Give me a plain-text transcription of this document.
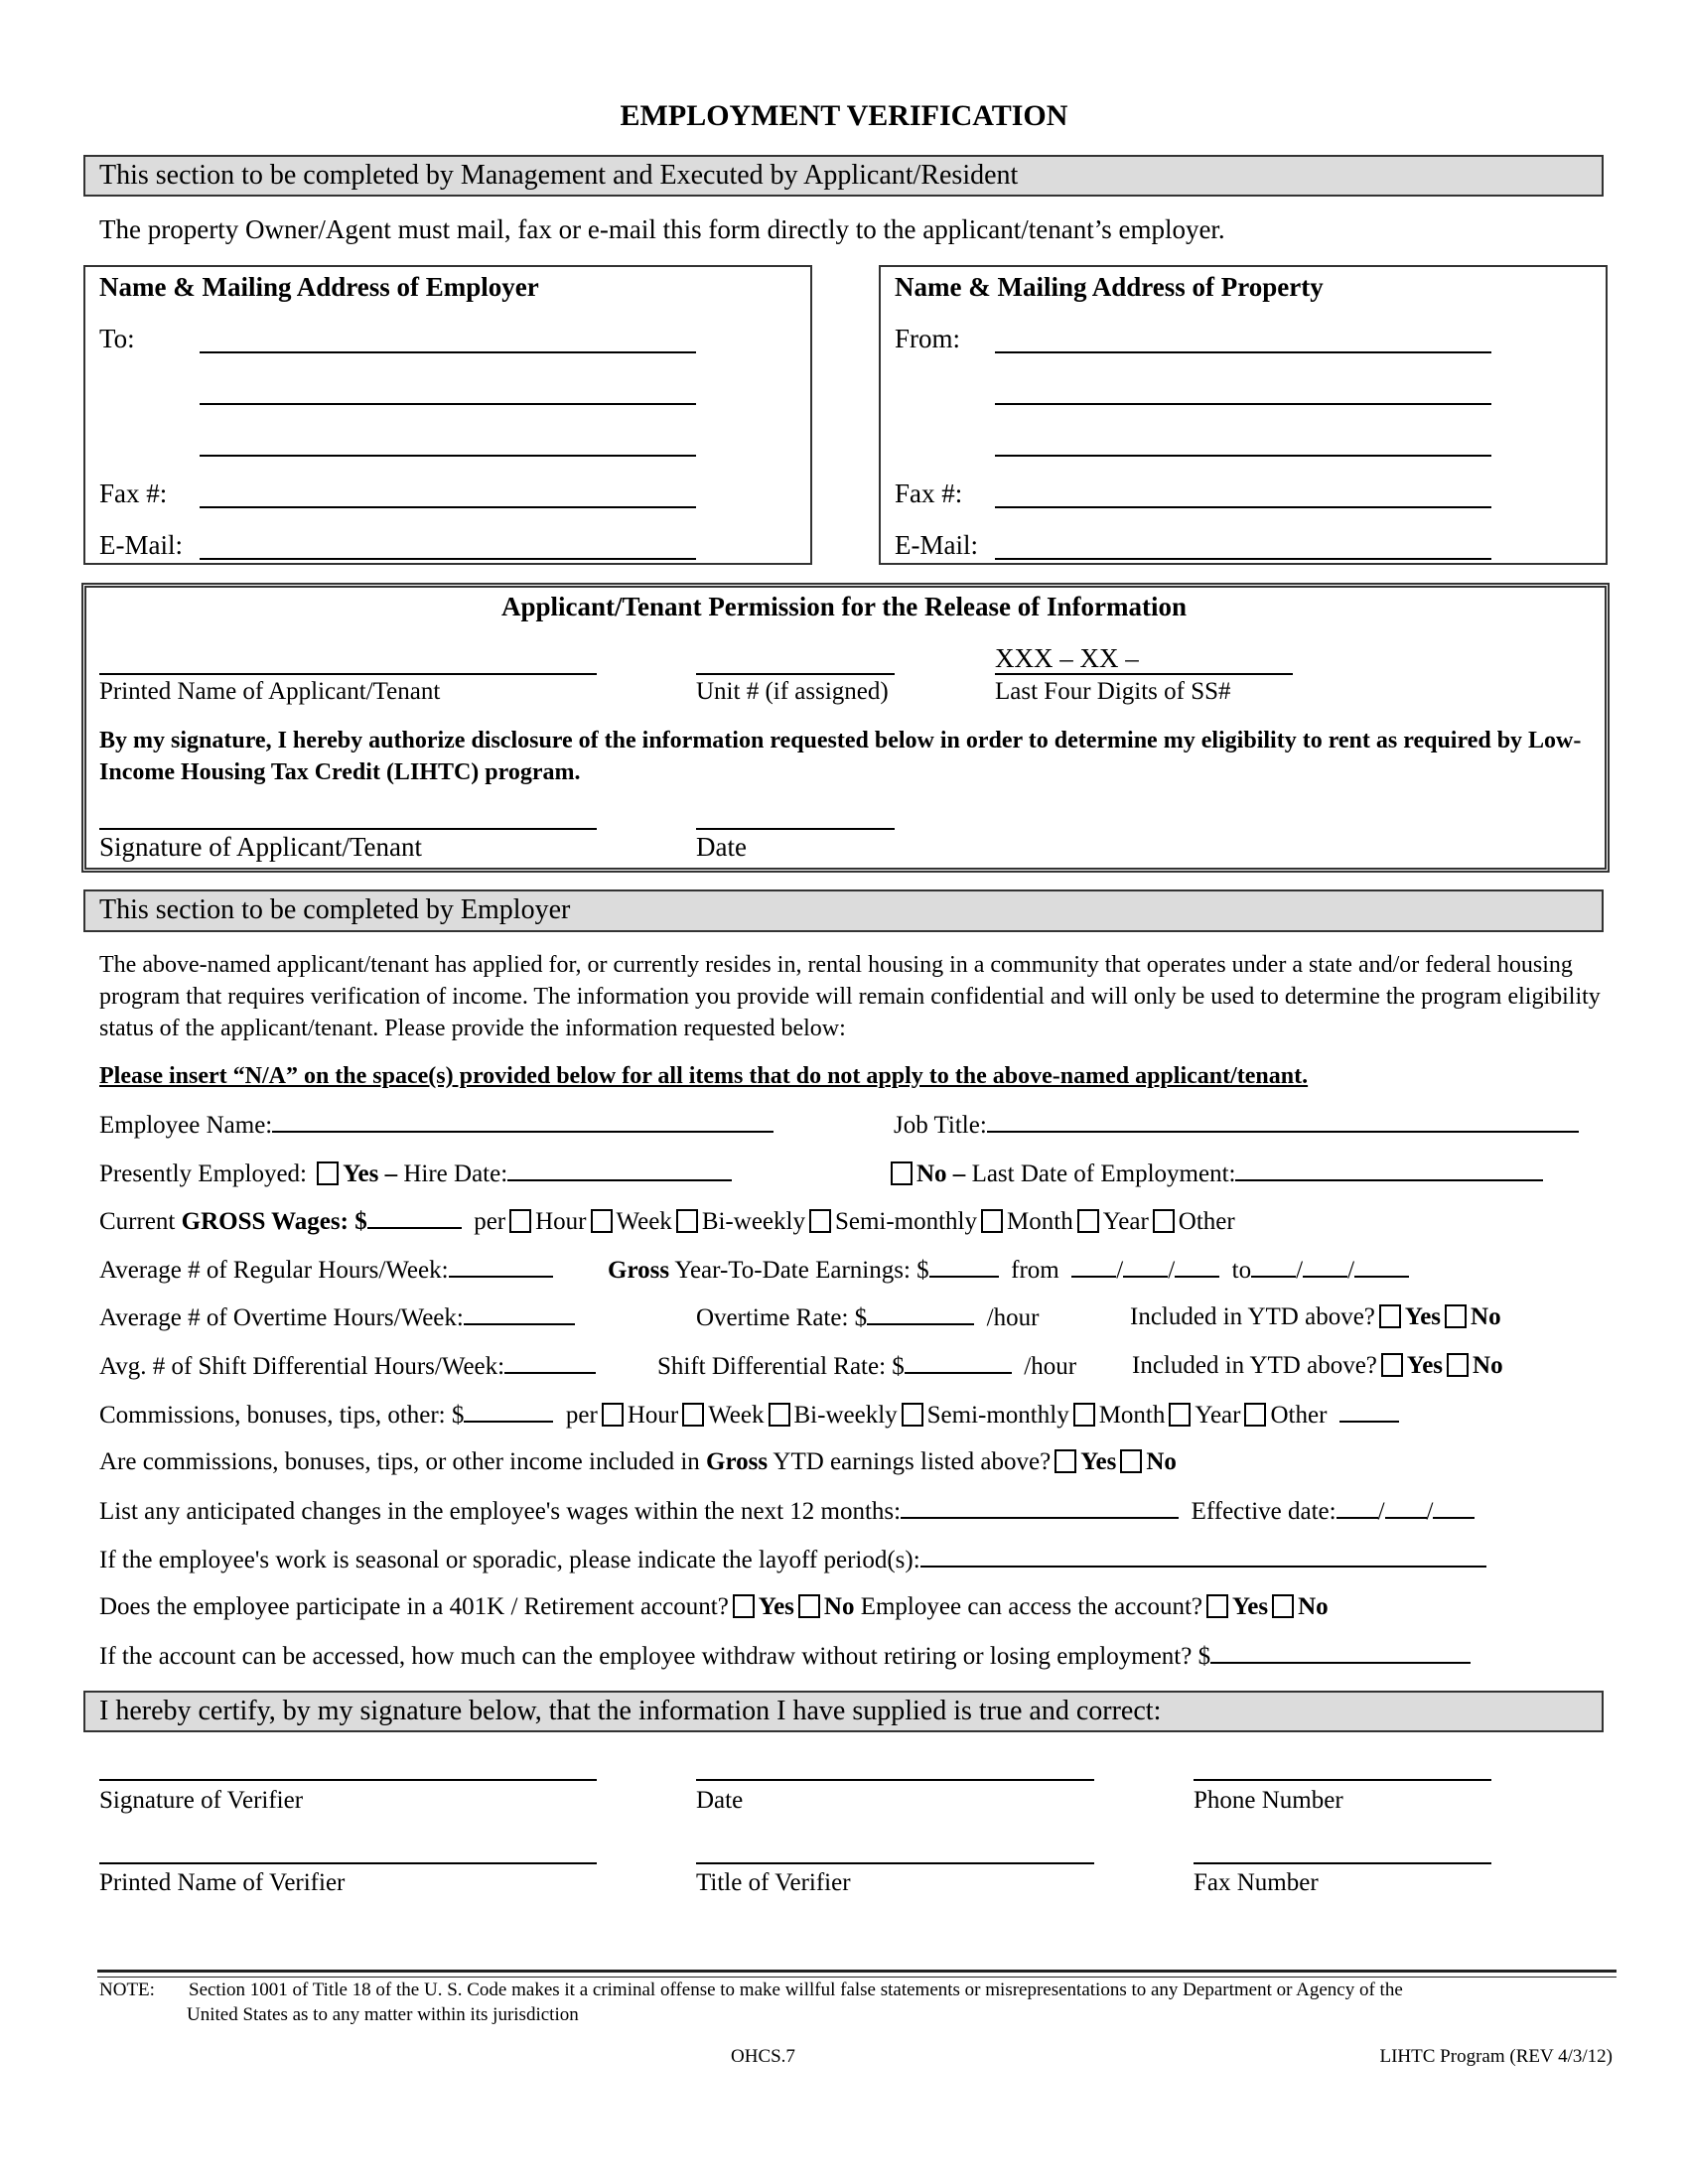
EMPLOYMENT VERIFICATION
This section to be completed by Management and Executed by Applicant/Resident
The property Owner/Agent must mail, fax or e-mail this form directly to the applicant/tenant’s employer.
Name & Mailing Address of Employer
To:
Fax #:
E-Mail:
Name & Mailing Address of Property
From:
Fax #:
E-Mail:
Applicant/Tenant Permission for the Release of Information
Printed Name of Applicant/Tenant	Unit # (if assigned)
XXX – XX –
Last Four Digits of SS#
By my signature, I hereby authorize disclosure of the information requested below in order to determine my eligibility to rent as required by Low-Income Housing Tax Credit (LIHTC) program.
Signature of Applicant/Tenant	Date
This section to be completed by Employer
The above-named applicant/tenant has applied for, or currently resides in, rental housing in a community that operates under a state and/or federal housing program that requires verification of income. The information you provide will remain confidential and will only be used to determine the program eligibility status of the applicant/tenant. Please provide the information requested below:
Please insert “N/A” on the space(s) provided below for all items that do not apply to the above-named applicant/tenant.
Employee Name:	Job Title:
Presently Employed: Yes – Hire Date:	No – Last Date of Employment:
Current GROSS Wages: $	per Hour Week Bi-weekly Semi-monthly Month Year Other
Average # of Regular Hours/Week:	Gross Year-To-Date Earnings: $	from / / to / /
Average # of Overtime Hours/Week:	Overtime Rate: $	/hour	Included in YTD above? Yes No
Avg. # of Shift Differential Hours/Week:	Shift Differential Rate: $	/hour Included in YTD above? Yes No
Commissions, bonuses, tips, other: $	per Hour Week Bi-weekly Semi-monthly Month Year Other
Are commissions, bonuses, tips, or other income included in Gross YTD earnings listed above? Yes No
List any anticipated changes in the employee's wages within the next 12 months:	Effective date: / /
If the employee's work is seasonal or sporadic, please indicate the layoff period(s):
Does the employee participate in a 401K / Retirement account? Yes No Employee can access the account? Yes No
If the account can be accessed, how much can the employee withdraw without retiring or losing employment? $
I hereby certify, by my signature below, that the information I have supplied is true and correct:
Signature of Verifier	Date	Phone Number
Printed Name of Verifier	Title of Verifier	Fax Number
NOTE: Section 1001 of Title 18 of the U. S. Code makes it a criminal offense to make willful false statements or misrepresentations to any Department or Agency of the
United States as to any matter within its jurisdiction
OHCS.7	LIHTC Program (REV 4/3/12)
